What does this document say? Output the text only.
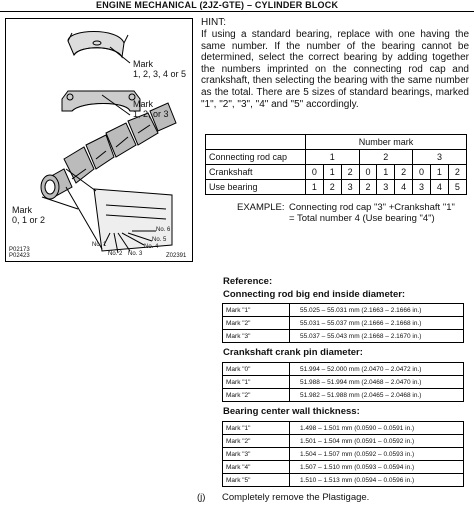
ENGINE MECHANICAL (2JZ-GTE) – CYLINDER BLOCK
Mark
1, 2, 3, 4 or 5
Mark
1, 2, or 3
Mark
0, 1 or 2
No. 6
No. 5
No. 4
No. 3
No. 2
No. 1
P02173
P02423	Z02391
HINT:

If using a standard bearing, replace with one having the same number. If the number of the bearing cannot be determined, select the correct bearing by adding together the numbers imprinted on the connecting rod cap and crankshaft, then selecting the bearing with the same number as the total. There are 5 sizes of standard bearings, marked "1", "2", "3", "4" and "5" accordingly.

	Number mark								
Connecting rod cap	1			2			3		
Crankshaft	0	1	2	0	1	2	0	1	2
Use bearing	1	2	3	2	3	4	3	4	5
EXAMPLE: Connecting rod cap "3" +Crankshaft "1"
= Total number 4 (Use bearing "4")
Reference:
Connecting rod big end inside diameter:
Mark "1"	55.025 – 55.031 mm (2.1663 – 2.1666 in.)
Mark "2"	55.031 – 55.037 mm (2.1666 – 2.1668 in.)
Mark "3"	55.037 – 55.043 mm (2.1668 – 2.1670 in.)
Crankshaft crank pin diameter:
Mark "0"	51.994 – 52.000 mm (2.0470 – 2.0472 in.)
Mark "1"	51.988 – 51.994 mm (2.0468 – 2.0470 in.)
Mark "2"	51.982 – 51.988 mm (2.0465 – 2.0468 in.)
Bearing center wall thickness:
Mark "1"	1.498 – 1.501 mm (0.0590 – 0.0591 in.)
Mark "2"	1.501 – 1.504 mm (0.0591 – 0.0592 in.)
Mark "3"	1.504 – 1.507 mm (0.0592 – 0.0593 in.)
Mark "4"	1.507 – 1.510 mm (0.0593 – 0.0594 in.)
Mark "5"	1.510 – 1.513 mm (0.0594 – 0.0596 in.)
(j) Completely remove the Plastigage.
